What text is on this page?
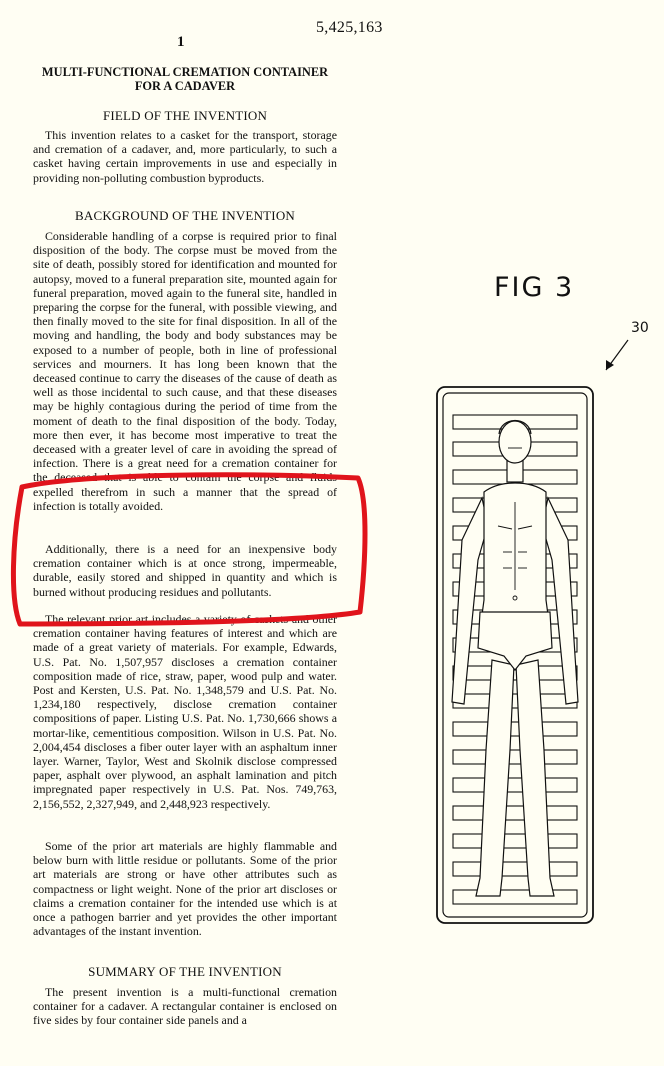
5,425,163
1
MULTI-FUNCTIONAL CREMATION CONTAINER FOR A CADAVER
FIELD OF THE INVENTION
This invention relates to a casket for the transport, storage and cremation of a cadaver, and, more particularly, to such a casket having certain improvements in use and especially in providing non-polluting combustion byproducts.
BACKGROUND OF THE INVENTION
Considerable handling of a corpse is required prior to final disposition of the body. The corpse must be moved from the site of death, possibly stored for identification and mounted for autopsy, moved to a funeral preparation site, mounted again for funeral preparation, moved again to the funeral site, handled in preparing the corpse for the funeral, with possible viewing, and then finally moved to the site for final disposition. In all of the moving and handling, the body and body substances may be exposed to a number of people, both in line of professional services and mourners. It has long been known that the deceased continue to carry the diseases of the cause of death as well as those incidental to such cause, and that these diseases may be highly contagious during the period of time from the moment of death to the final disposition of the body. Today, more then ever, it has become most imperative to treat the deceased with a greater level of care in avoiding the spread of infection. There is a great need for a cremation container for the deceased that is able to contain the corpse and fluids expelled therefrom in such a manner that the spread of infection is totally avoided.
Additionally, there is a need for an inexpensive body cremation container which is at once strong, impermeable, durable, easily stored and shipped in quantity and which is burned without producing residues and pollutants.
The relevant prior art includes a variety of caskets and other cremation container having features of interest and which are made of a great variety of materials. For example, Edwards, U.S. Pat. No. 1,507,957 discloses a cremation container composition made of rice, straw, paper, wood pulp and water. Post and Kersten, U.S. Pat. No. 1,348,579 and U.S. Pat. No. 1,234,180 respectively, disclose cremation container compositions of paper. Listing U.S. Pat. No. 1,730,666 shows a mortar-like, cementitious composition. Wilson in U.S. Pat. No. 2,004,454 discloses a fiber outer layer with an asphaltum inner layer. Warner, Taylor, West and Skolnik disclose compressed paper, asphalt over plywood, an asphalt lamination and pitch impregnated paper respectively in U.S. Pat. Nos. 749,763, 2,156,552, 2,327,949, and 2,448,923 respectively.
Some of the prior art materials are highly flammable and below burn with little residue or pollutants. Some of the prior art materials are strong or have other attributes such as compactness or light weight. None of the prior art discloses or claims a cremation container for the intended use which is at once a pathogen barrier and yet provides the other important advantages of the instant invention.
SUMMARY OF THE INVENTION
The present invention is a multi-functional cremation container for a cadaver. A rectangular container is enclosed on five sides by four container side panels and a
FIG 3
30
